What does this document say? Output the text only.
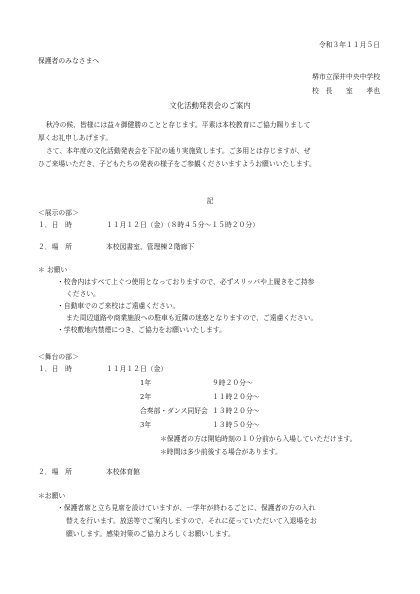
令和３年１１月５日
保護者のみなさまへ
堺市立深井中央中学校
校　長　　室　　孝也
文化活動発表会のご案内
秋冷の候、皆様には益々御健勝のことと存じます。平素は本校教育にご協力賜りまして
厚くお礼申しあげます。
さて、本年度の文化活動発表会を下記の通り実施致します。ご多用とは存じますが、ぜ
ひご来場いただき、子どもたちの発表の様子をご参観くださいますようお願いいたします。
記
＜展示の部＞
１．日　時	１１月１２日（金）（８時４５分～１５時２０分）
２．場　所	本校図書室、管理棟２階廊下
＊ お願い
・校舎内はすべて上ぐつ使用となっておりますので、必ずスリッパや上履きをご持参
ください。
・自動車でのご来校はご遠慮ください。
また周辺道路や商業施設への駐車も近隣の迷惑となりますので、ご遠慮ください。
・学校敷地内禁煙につき、ご協力をお願いいたします。
＜舞台の部＞
１．日　時	１１月１２日（金）
1年	９時２０分～
2年	１１時２０分～
合奏部・ダンス同好会 １３時２０分～
3年	１３時５０分～
＊保護者の方は開始時刻の１０分前から入場していただけます。
＊時間は多少前後する場合があります。
２．場　所	本校体育館
＊お願い
・保護者席と立ち見席を設けていますが、一学年が終わるごとに、保護者の方の入れ
替えを行います。放送等でご案内しますので、それに従っていただいて入退場をお
願いします。感染対策のご協力よろしくお願いします。
